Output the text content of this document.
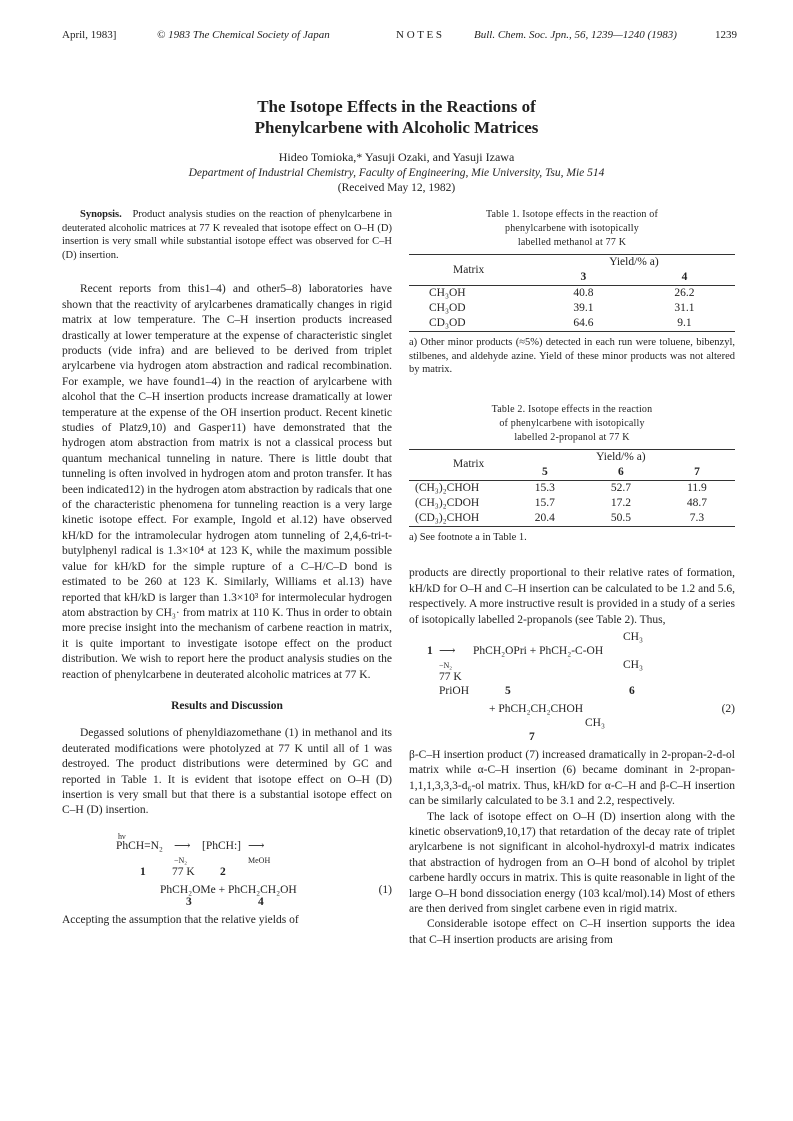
April, 1983]	© 1983 The Chemical Society of Japan	N O T E S	Bull. Chem. Soc. Jpn., 56, 1239—1240 (1983)	1239
The Isotope Effects in the Reactions of
Phenylcarbene with Alcoholic Matrices
Hideo Tomioka,* Yasuji Ozaki, and Yasuji Izawa
Department of Industrial Chemistry, Faculty of Engineering, Mie University, Tsu, Mie 514
(Received May 12, 1982)

Synopsis. Product analysis studies on the reaction of phenylcarbene in deuterated alcoholic matrices at 77 K revealed that isotope effect on O–H (D) insertion is very small while substantial isotope effect was observed for C–H (D) insertion.

Recent reports from this1–4) and other5–8) laboratories have shown that the reactivity of arylcarbenes dramatically changes in rigid matrix at low temperature. The C–H insertion products increased drastically at lower temperature at the expense of characteristic singlet products (vide infra) and are believed to be derived from triplet arylcarbene via hydrogen atom abstraction and radical recombination. For example, we have found1–4) in the reaction of arylcarbene with alcohol that the C–H insertion products increase dramatically at lower temperature at the expense of the OH insertion product. Recent kinetic studies of Platz9,10) and Gasper11) have demonstrated that the hydrogen atom abstraction from matrix is not a classical process but quantum mechanical tunneling in nature. There is little doubt that tunneling is often involved in hydrogen atom and proton transfer. It has been indicated12) in the hydrogen atom abstraction by radicals that one of the characteristic phenomena for tunneling reaction is a very large kinetic isotope effect. For example, Ingold et al.12) have observed kH/kD for the intramolecular hydrogen atom tunneling of 2,4,6-tri-t-butylphenyl radical is 1.3×10⁴ at 123 K, while the maximum possible value for kH/kD for the simple rupture of a C–H/C–D bond is estimated to be 260 at 123 K. Similarly, Williams et al.13) have reported that kH/kD is larger than 1.3×10³ for intermolecular hydrogen atom abstraction by CH₃· from matrix at 110 K. Thus in order to obtain more precise insight into the mechanism of carbene reaction in matrix, it is quite important to investigate isotope effect on the product distribution. We wish to report here the product analysis studies on the reaction of phenylcarbene in deuterated alcoholic matrices at 77 K.

Results and Discussion

Degassed solutions of phenyldiazomethane (1) in methanol and its deuterated modifications were photolyzed at 77 K until all of 1 was destroyed. The product distributions were determined by GC and reported in Table 1. It is evident that isotope effect on O–H (D) insertion is very small but that there is a substantial isotope effect on C–H (D) insertion.

hν
PhCH=N₂ ⟶
−N₂
[PhCH:] ⟶
MeOH
1 77 K 2
PhCH₂OMe + PhCH₂CH₂OH
3	4
(1)

Accepting the assumption that the relative yields of

Table 1. Isotope effects in the reaction of
phenylcarbene with isotopically
labelled methanol at 77 K
Matrix	Yield/% a)	
	3	4
CH₃OH	40.8	26.2
CH₃OD	39.1	31.1
CD₃OD	64.6	9.1

a) Other minor products (≈5%) detected in each run were toluene, bibenzyl, stilbenes, and aldehyde azine. Yield of these minor products was not altered by matrix.

Table 2. Isotope effects in the reaction
of phenylcarbene with isotopically
labelled 2-propanol at 77 K
Matrix	Yield/% a)		
	5	6	7
(CH₃)₂CHOH	15.3	52.7	11.9
(CH₃)₂CDOH	15.7	17.2	48.7
(CD₃)₂CHOH	20.4	50.5	7.3

a) See footnote a in Table 1.

products are directly proportional to their relative rates of formation, kH/kD for O–H and C–H insertion can be calculated to be 1.2 and 5.6, respectively. A more instructive result is provided in a study of a series of isotopically labelled 2-propanols (see Table 2). Thus,

CH₃
1 ⟶
−N₂
PhCH₂OPri + PhCH₂-C-OH
77 K
CH₃
PriOH	5	6
+ PhCH₂CH₂CHOH	(2)
CH₃
7

β-C–H insertion product (7) increased dramatically in 2-propan-2-d-ol matrix while α-C–H insertion (6) became dominant in 2-propan-1,1,1,3,3,3-d₆-ol matrix. Thus, kH/kD for α-C–H and β-C–H insertion can be similarly calculated to be 3.1 and 2.2, respectively.

The lack of isotope effect on O–H (D) insertion along with the kinetic observation9,10,17) that retardation of the decay rate of triplet arylcarbene is not significant in alcohol-hydroxyl-d matrix indicates that abstraction of hydrogen from an O–H bond of alcohol by triplet carbene hardly occurs in matrix. This is quite reasonable in light of the large O–H bond dissociation energy (103 kcal/mol).14) Most of ethers are then derived from singlet carbene even in rigid matrix.

Considerable isotope effect on C–H insertion supports the idea that C–H insertion products are arising from
